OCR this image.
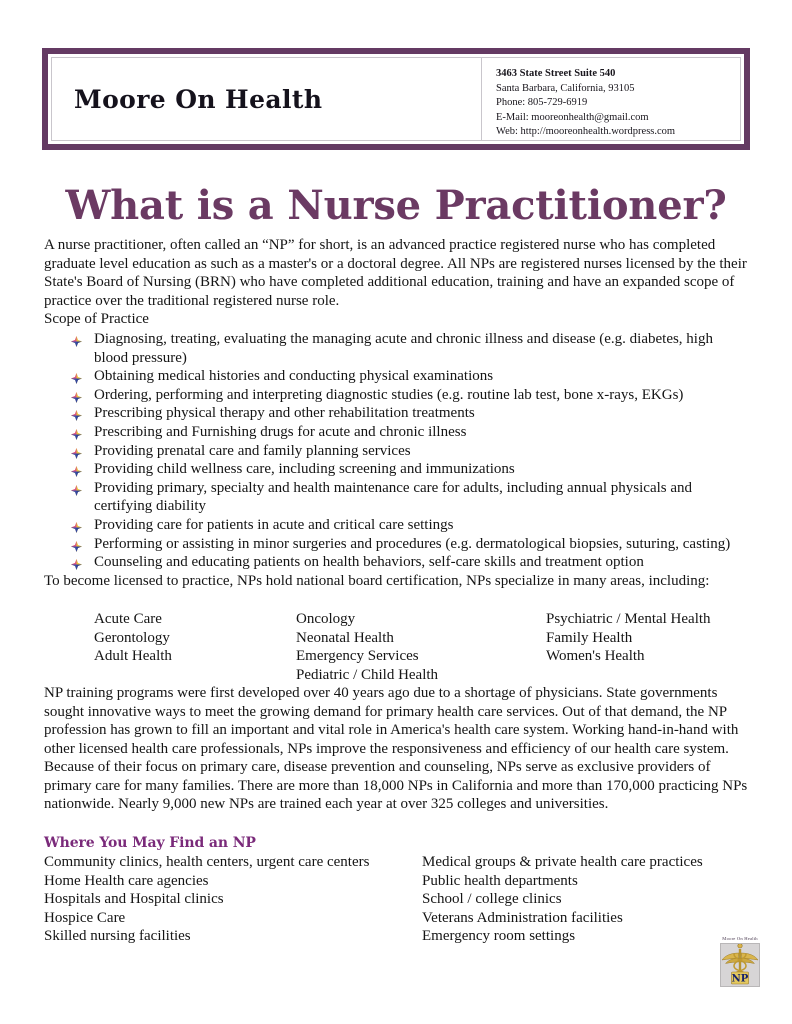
Moore On Health
3463 State Street Suite 540
Santa Barbara, California, 93105
Phone: 805-729-6919
E-Mail: mooreonhealth@gmail.com
Web: http://mooreonhealth.wordpress.com
What is a Nurse Practitioner?

A nurse practitioner, often called an “NP” for short, is an advanced practice registered nurse who has completed graduate level education as such as a master's or a doctoral degree. All NPs are registered nurses licensed by the their State's Board of Nursing (BRN) who have completed additional education, training and have an expanded scope of practice over the traditional registered nurse role.

Scope of Practice
Diagnosing, treating, evaluating the managing acute and chronic illness and disease (e.g. diabetes, high blood pressure)
Obtaining medical histories and conducting physical examinations
Ordering, performing and interpreting diagnostic studies (e.g. routine lab test, bone x-rays, EKGs)
Prescribing physical therapy and other rehabilitation treatments
Prescribing and Furnishing drugs for acute and chronic illness
Providing prenatal care and family planning services
Providing child wellness care, including screening and immunizations
Providing primary, specialty and health maintenance care for adults, including annual physicals and certifying diability
Providing care for patients in acute and critical care settings
Performing or assisting in minor surgeries and procedures (e.g. dermatological biopsies, suturing, casting)
Counseling and educating patients on health behaviors, self-care skills and treatment option

To become licensed to practice, NPs hold national board certification, NPs specialize in many areas, including:

Acute Care
Gerontology
Adult Health
Oncology
Neonatal Health
Emergency Services
Pediatric / Child Health
Psychiatric / Mental Health
Family Health
Women's Health

NP training programs were first developed over 40 years ago due to a shortage of physicians. State governments sought innovative ways to meet the growing demand for primary health care services. Out of that demand, the NP profession has grown to fill an important and vital role in America's health care system. Working hand-in-hand with other licensed health care professionals, NPs improve the responsiveness and efficiency of our health care system. Because of their focus on primary care, disease prevention and counseling, NPs serve as exclusive providers of primary care for many families. There are more than 18,000 NPs in California and more than 170,000 practicing NPs nationwide. Nearly 9,000 new NPs are trained each year at over 325 colleges and universities.

Where You May Find an NP
Community clinics, health centers, urgent care centers
Home Health care agencies
Hospitals and Hospital clinics
Hospice Care
Skilled nursing facilities
Medical groups & private health care practices
Public health departments
School / college clinics
Veterans Administration facilities
Emergency room settings	Moore On Health
NP
